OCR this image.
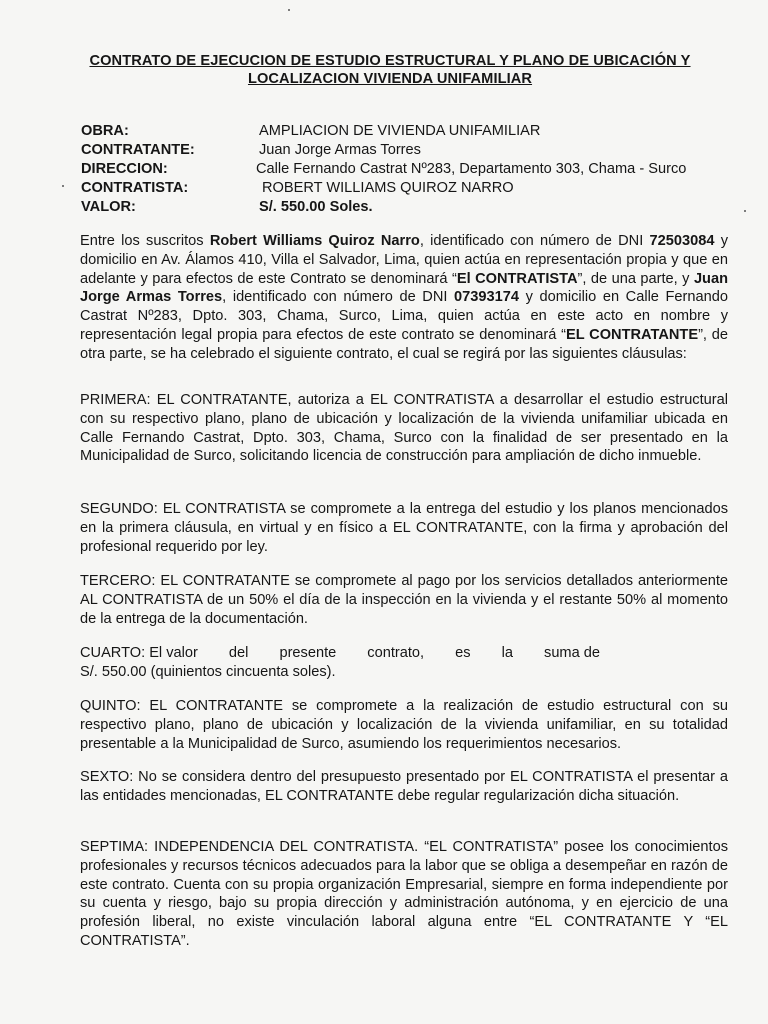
CONTRATO DE EJECUCION DE ESTUDIO ESTRUCTURAL Y PLANO DE UBICACIÓN Y
LOCALIZACION VIVIENDA UNIFAMILIAR
OBRA:	AMPLIACION DE VIVIENDA UNIFAMILIAR
CONTRATANTE:	Juan Jorge Armas Torres
DIRECCION:	Calle Fernando Castrat Nº283, Departamento 303, Chama - Surco
CONTRATISTA:	ROBERT WILLIAMS QUIROZ NARRO
VALOR:	S/. 550.00 Soles.
Entre los suscritos Robert Williams Quiroz Narro, identificado con número de DNI 72503084 y domicilio en Av. Álamos 410, Villa el Salvador, Lima, quien actúa en representación propia y que en adelante y para efectos de este Contrato se denominará “El CONTRATISTA”, de una parte, y Juan Jorge Armas Torres, identificado con número de DNI 07393174 y domicilio en Calle Fernando Castrat Nº283, Dpto. 303, Chama, Surco, Lima, quien actúa en este acto en nombre y representación legal propia para efectos de este contrato se denominará “EL CONTRATANTE”, de otra parte, se ha celebrado el siguiente contrato, el cual se regirá por las siguientes cláusulas:
PRIMERA: EL CONTRATANTE, autoriza a EL CONTRATISTA a desarrollar el estudio estructural con su respectivo plano, plano de ubicación y localización de la vivienda unifamiliar ubicada en Calle Fernando Castrat, Dpto. 303, Chama, Surco con la finalidad de ser presentado en la Municipalidad de Surco, solicitando licencia de construcción para ampliación de dicho inmueble.
SEGUNDO: EL CONTRATISTA se compromete a la entrega del estudio y los planos mencionados en la primera cláusula, en virtual y en físico a EL CONTRATANTE, con la firma y aprobación del profesional requerido por ley.
TERCERO: EL CONTRATANTE se compromete al pago por los servicios detallados anteriormente AL CONTRATISTA de un 50% el día de la inspección en la vivienda y el restante 50% al momento de la entrega de la documentación.
CUARTO: El valor del presente contrato, es la suma de
S/. 550.00 (quinientos cincuenta soles).
QUINTO: EL CONTRATANTE se compromete a la realización de estudio estructural con su respectivo plano, plano de ubicación y localización de la vivienda unifamiliar, en su totalidad presentable a la Municipalidad de Surco, asumiendo los requerimientos necesarios.
SEXTO: No se considera dentro del presupuesto presentado por EL CONTRATISTA el presentar a las entidades mencionadas, EL CONTRATANTE debe regular regularización dicha situación.
SEPTIMA: INDEPENDENCIA DEL CONTRATISTA. “EL CONTRATISTA” posee los conocimientos profesionales y recursos técnicos adecuados para la labor que se obliga a desempeñar en razón de este contrato. Cuenta con su propia organización Empresarial, siempre en forma independiente por su cuenta y riesgo, bajo su propia dirección y administración autónoma, y en ejercicio de una profesión liberal, no existe vinculación laboral alguna entre “EL CONTRATANTE Y “EL CONTRATISTA”.
